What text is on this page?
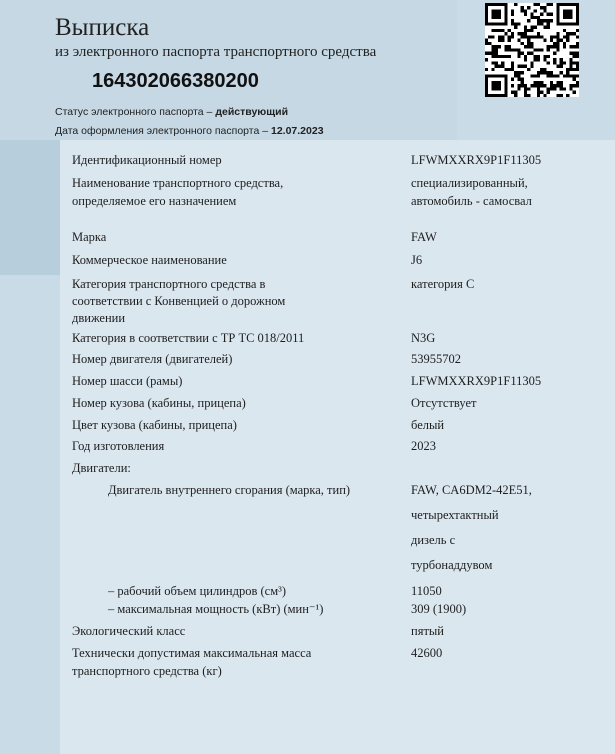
Выписка
из электронного паспорта транспортного средства
164302066380200
Статус электронного паспорта – действующий
Дата оформления электронного паспорта – 12.07.2023
Идентификационный номер	LFWMXXRX9P1F11305
Наименование транспортного средства,	специализированный,
определяемое его назначением	автомобиль - самосвал
Марка	FAW
Коммерческое наименование	J6
Категория транспортного средства в	категория С
соответствии с Конвенцией о дорожном
движении
Категория в соответствии с ТР ТС 018/2011	N3G
Номер двигателя (двигателей)	53955702
Номер шасси (рамы)	LFWMXXRX9P1F11305
Номер кузова (кабины, прицепа)	Отсутствует
Цвет кузова (кабины, прицепа)	белый
Год изготовления	2023
Двигатели:
Двигатель внутреннего сгорания (марка, тип)	FAW, CA6DM2-42E51,
четырехтактный
дизель с
турбонаддувом
– рабочий объем цилиндров (см³)	11050
– максимальная мощность (кВт) (мин⁻¹)	309 (1900)
Экологический класс	пятый
Технически допустимая максимальная масса	42600
транспортного средства (кг)
